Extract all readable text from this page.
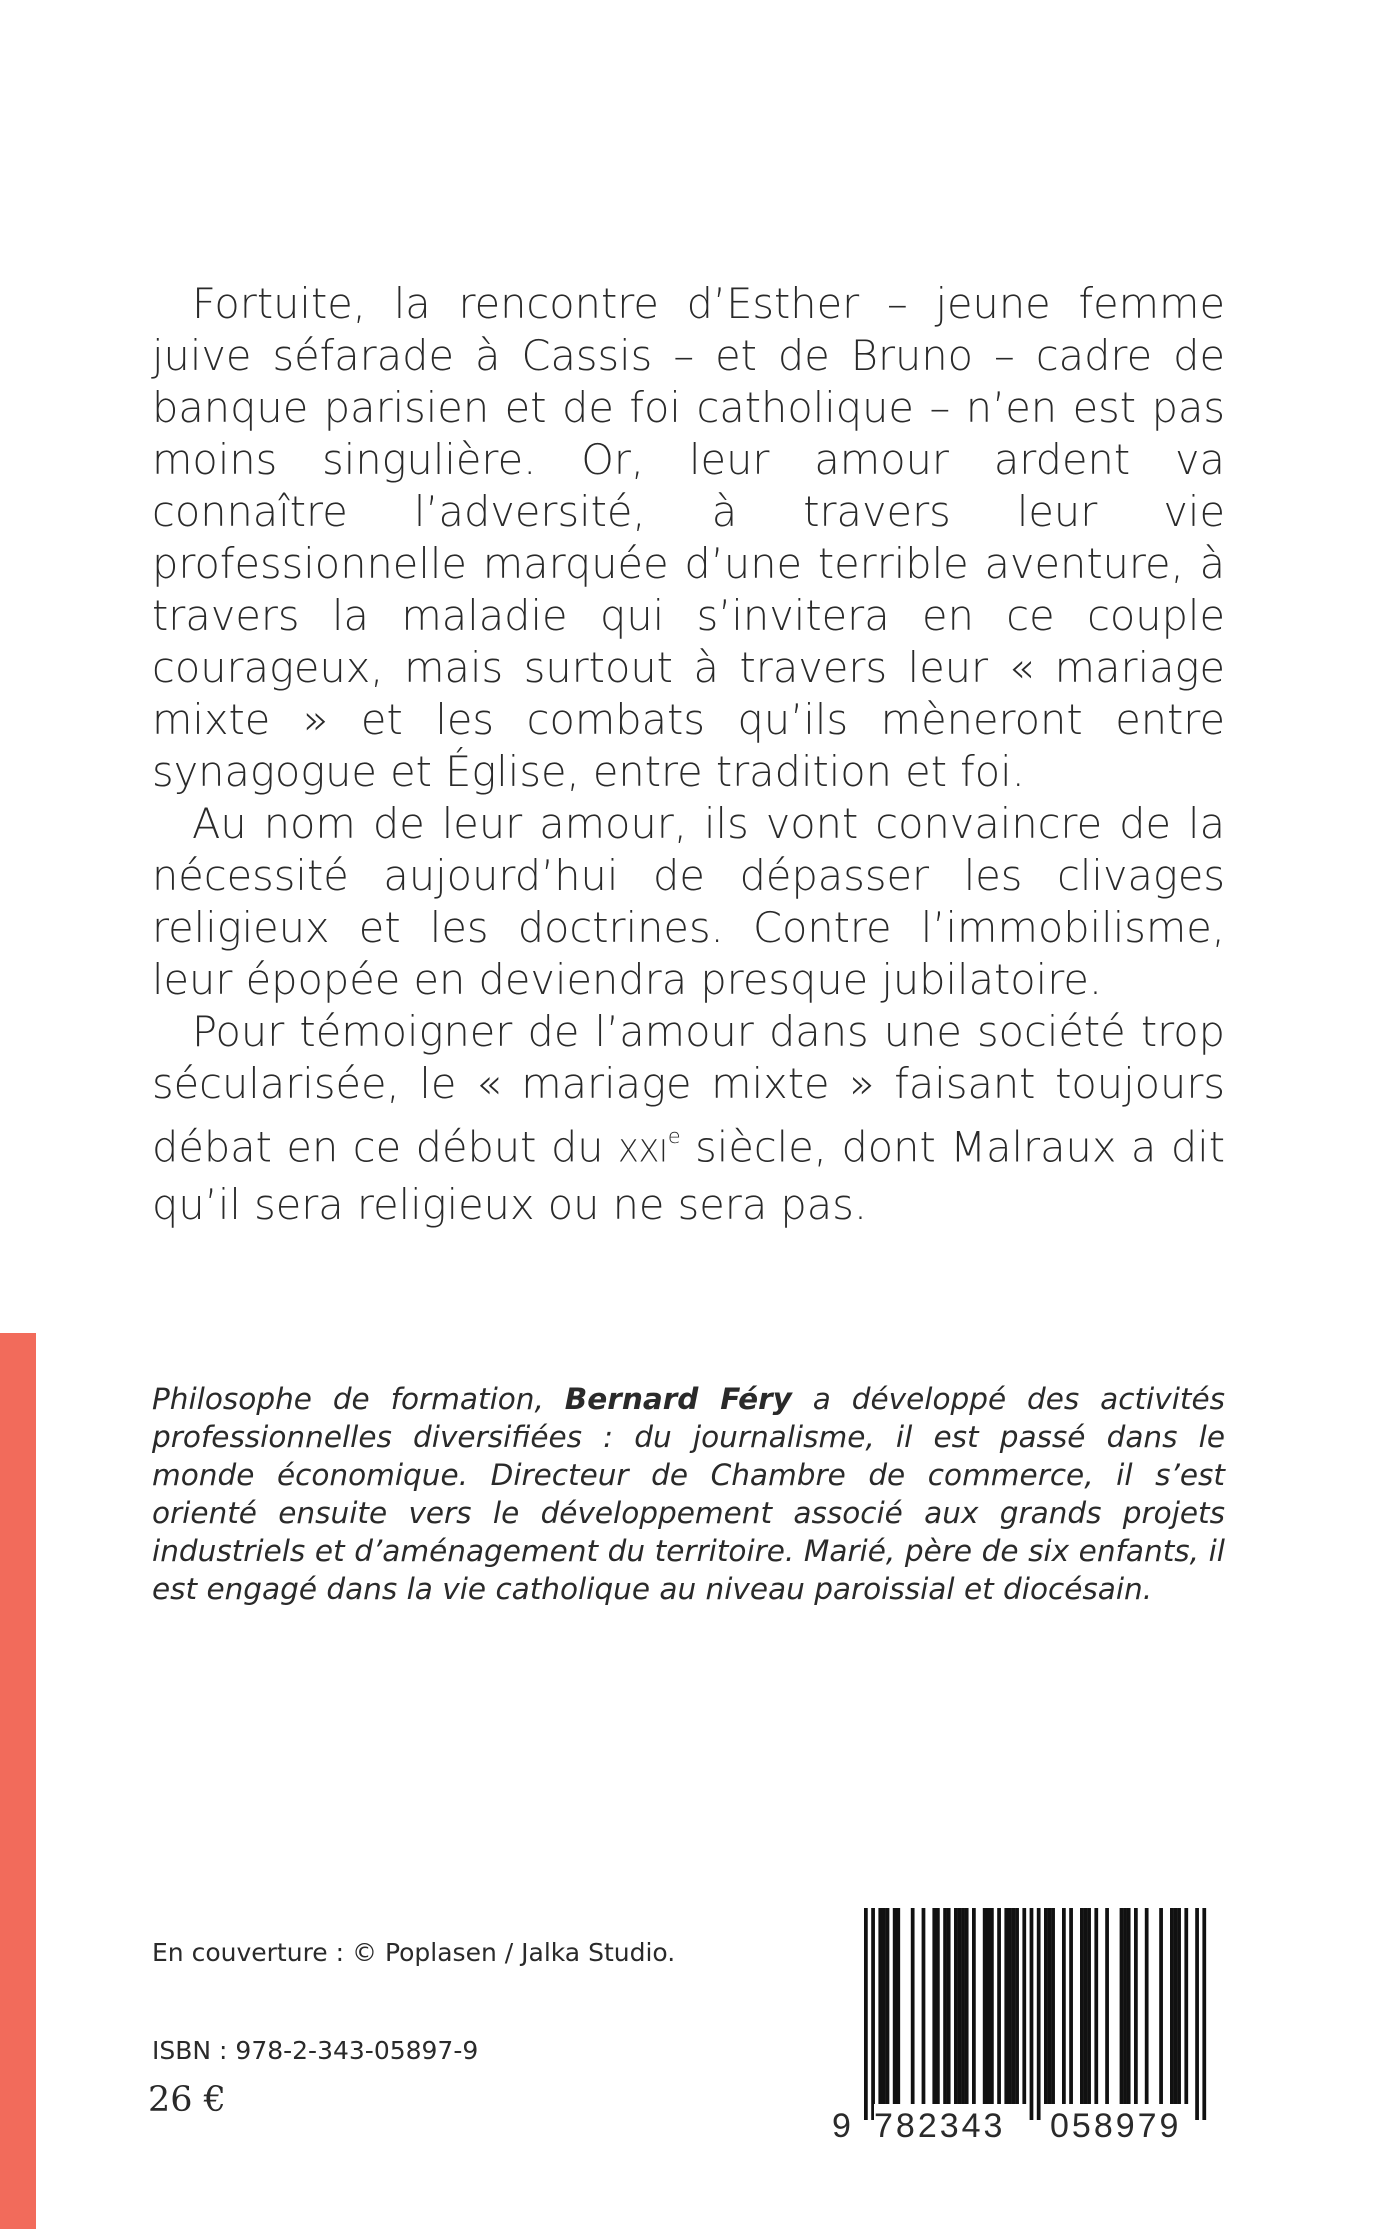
Fortuite, la rencontre d’Esther – jeune femme juive séfarade à Cassis – et de Bruno – cadre de banque parisien et de foi catholique – n’en est pas moins singulière. Or, leur amour ardent va connaître l’adversité, à travers leur vie professionnelle marquée d’une terrible aventure, à travers la maladie qui s’invitera en ce couple courageux, mais surtout à travers leur « mariage mixte » et les combats qu’ils mèneront entre synagogue et Église, entre tradition et foi.

Au nom de leur amour, ils vont convaincre de la nécessité aujourd’hui de dépasser les clivages religieux et les doctrines. Contre l’immobilisme, leur épopée en deviendra presque jubilatoire.

Pour témoigner de l’amour dans une société trop sécularisée, le « mariage mixte » faisant toujours débat en ce début du XXIe siècle, dont Malraux a dit qu’il sera religieux ou ne sera pas.

Philosophe de formation, Bernard Féry a développé des activités professionnelles diversifiées : du journalisme, il est passé dans le monde économique. Directeur de Chambre de commerce, il s’est orienté ensuite vers le développement associé aux grands projets industriels et d’aménagement du territoire. Marié, père de six enfants, il est engagé dans la vie catholique au niveau paroissial et diocésain.
En couverture : © Poplasen / Jalka Studio.
ISBN : 978-2-343-05897-9
26 €
9 782343 058979
